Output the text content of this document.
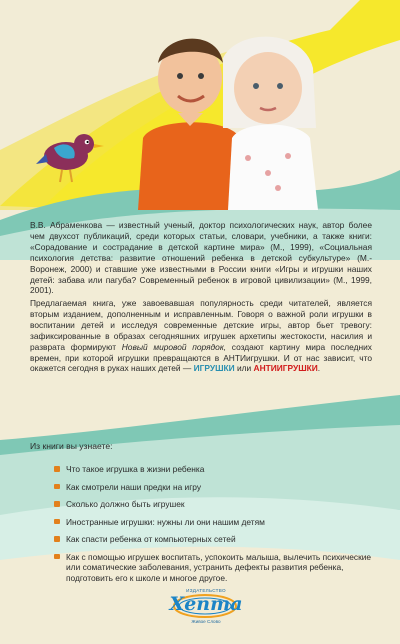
В.В. Абраменкова — известный ученый, доктор психологических наук, автор более чем двухсот публикаций, среди которых статьи, словари, учебники, а также книги: «Сорадование и сострадание в детской картине мира» (М., 1999), «Социальная психология детства: развитие отношений ребенка в детской субкультуре» (М.-Воронеж, 2000) и ставшие уже известными в России книги «Игры и игрушки наших детей: забава или пагуба? Современный ребенок в игровой цивилизации» (М., 1999, 2001).

Предлагаемая книга, уже завоевавшая популярность среди читателей, является вторым изданием, дополненным и исправленным. Говоря о важной роли игрушки в воспитании детей и исследуя современные детские игры, автор бьет тревогу: зафиксированные в образах сегодняшних игрушек архетипы жестокости, насилия и разврата формируют Новый мировой порядок, создают картину мира последних времен, при которой игрушки превращаются в АНТИигрушки. И от нас зависит, что окажется сегодня в руках наших детей — ИГРУШКИ или АНТИИГРУШКИ.

Из книги вы узнаете:
Что такое игрушка в жизни ребенка
Как смотрели наши предки на игру
Сколько должно быть игрушек
Иностранные игрушки: нужны ли они нашим детям
Как спасти ребенка от компьютерных сетей
Как с помощью игрушек воспитать, успокоить малыша, вылечить психические или соматические заболевания, устранить дефекты развития ребенка, подготовить его к школе и многое другое.
ИЗДАТЕЛЬСТВО
Хепта
Живое Слово
